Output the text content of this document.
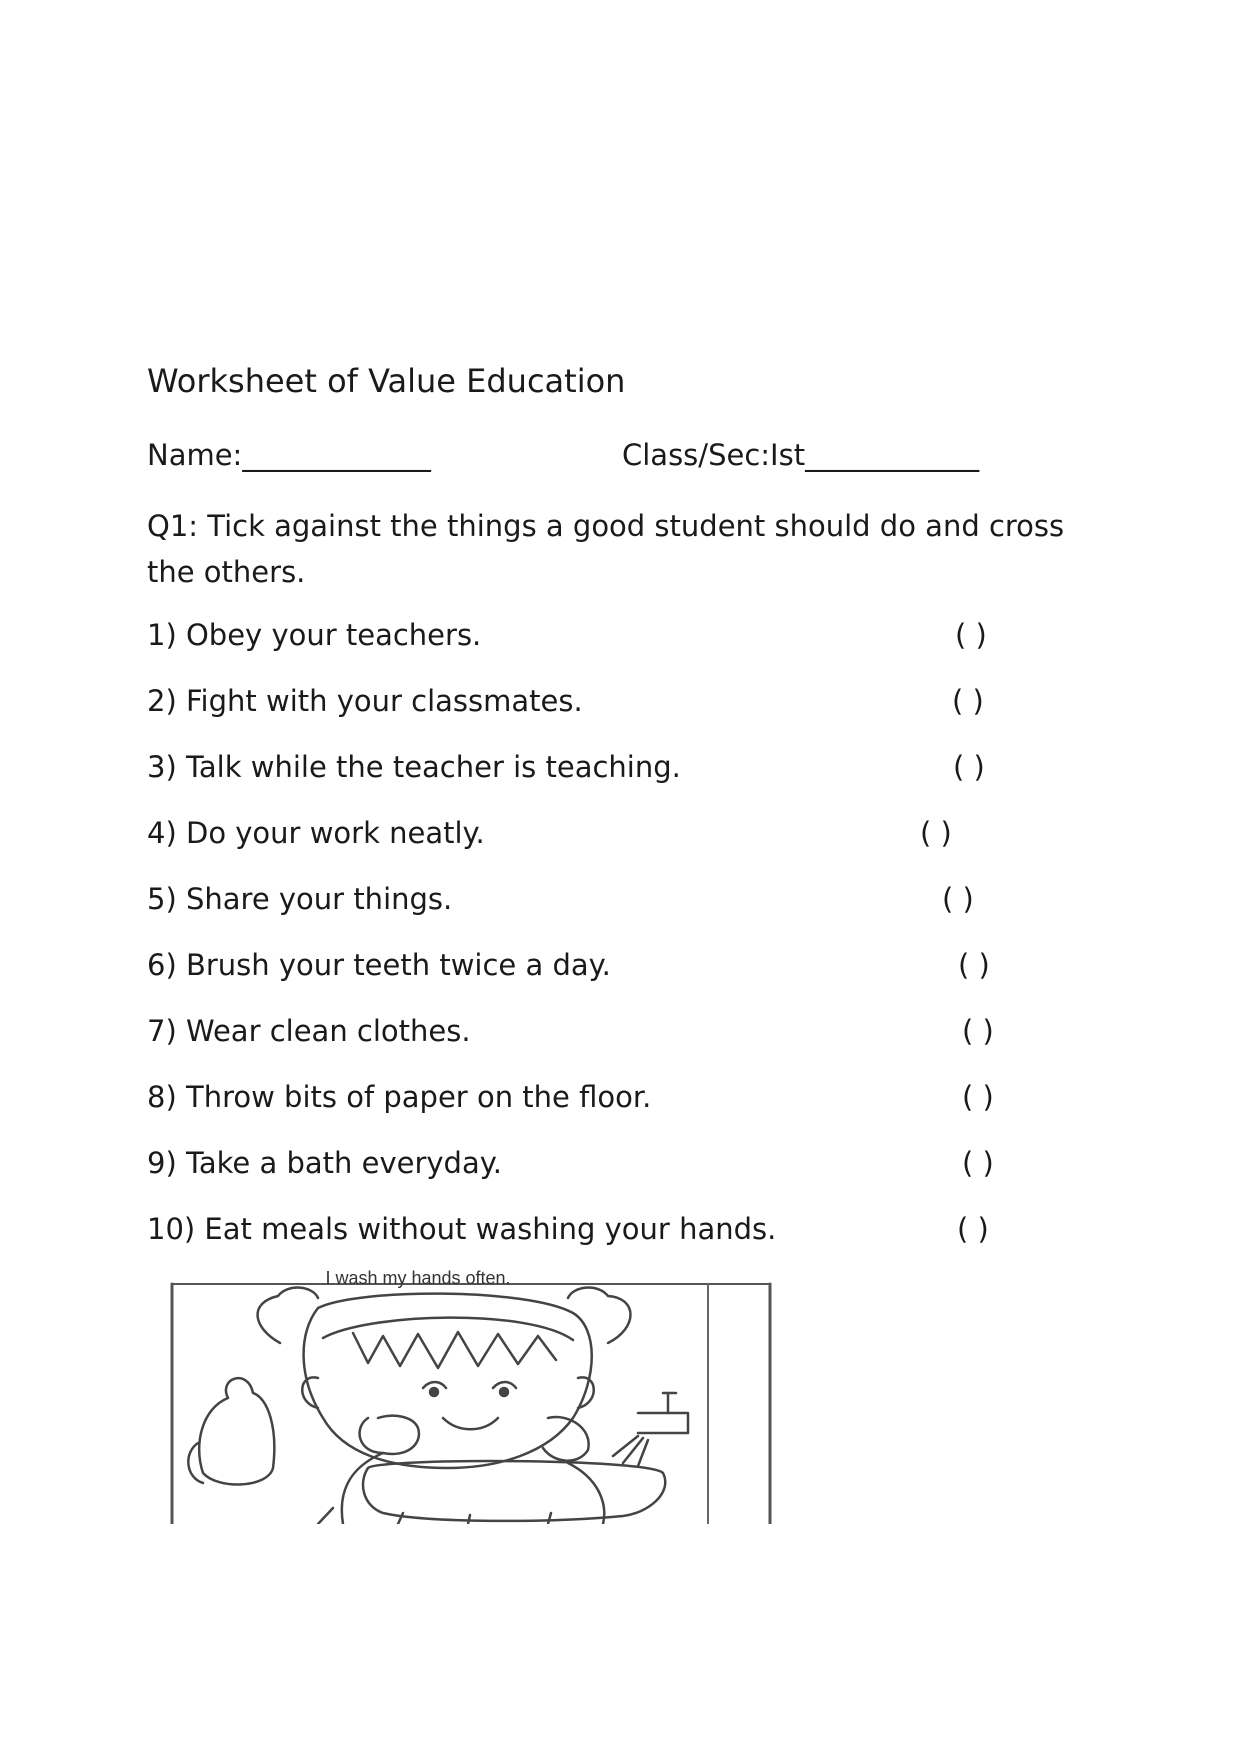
Worksheet of Value Education
Name:_____________	Class/Sec:Ist____________

Q1: Tick against the things a good student should do and cross the others.

1) Obey your teachers.	( )
2) Fight with your classmates.	( )
3) Talk while the teacher is teaching.	( )
4) Do your work neatly.	( )
5) Share your things.	( )
6) Brush your teeth twice a day.	( )
7) Wear clean clothes.	( )
8) Throw bits of paper on the floor.	( )
9) Take a bath everyday.	( )
10) Eat meals without washing your hands.	( )
I wash my hands often.
